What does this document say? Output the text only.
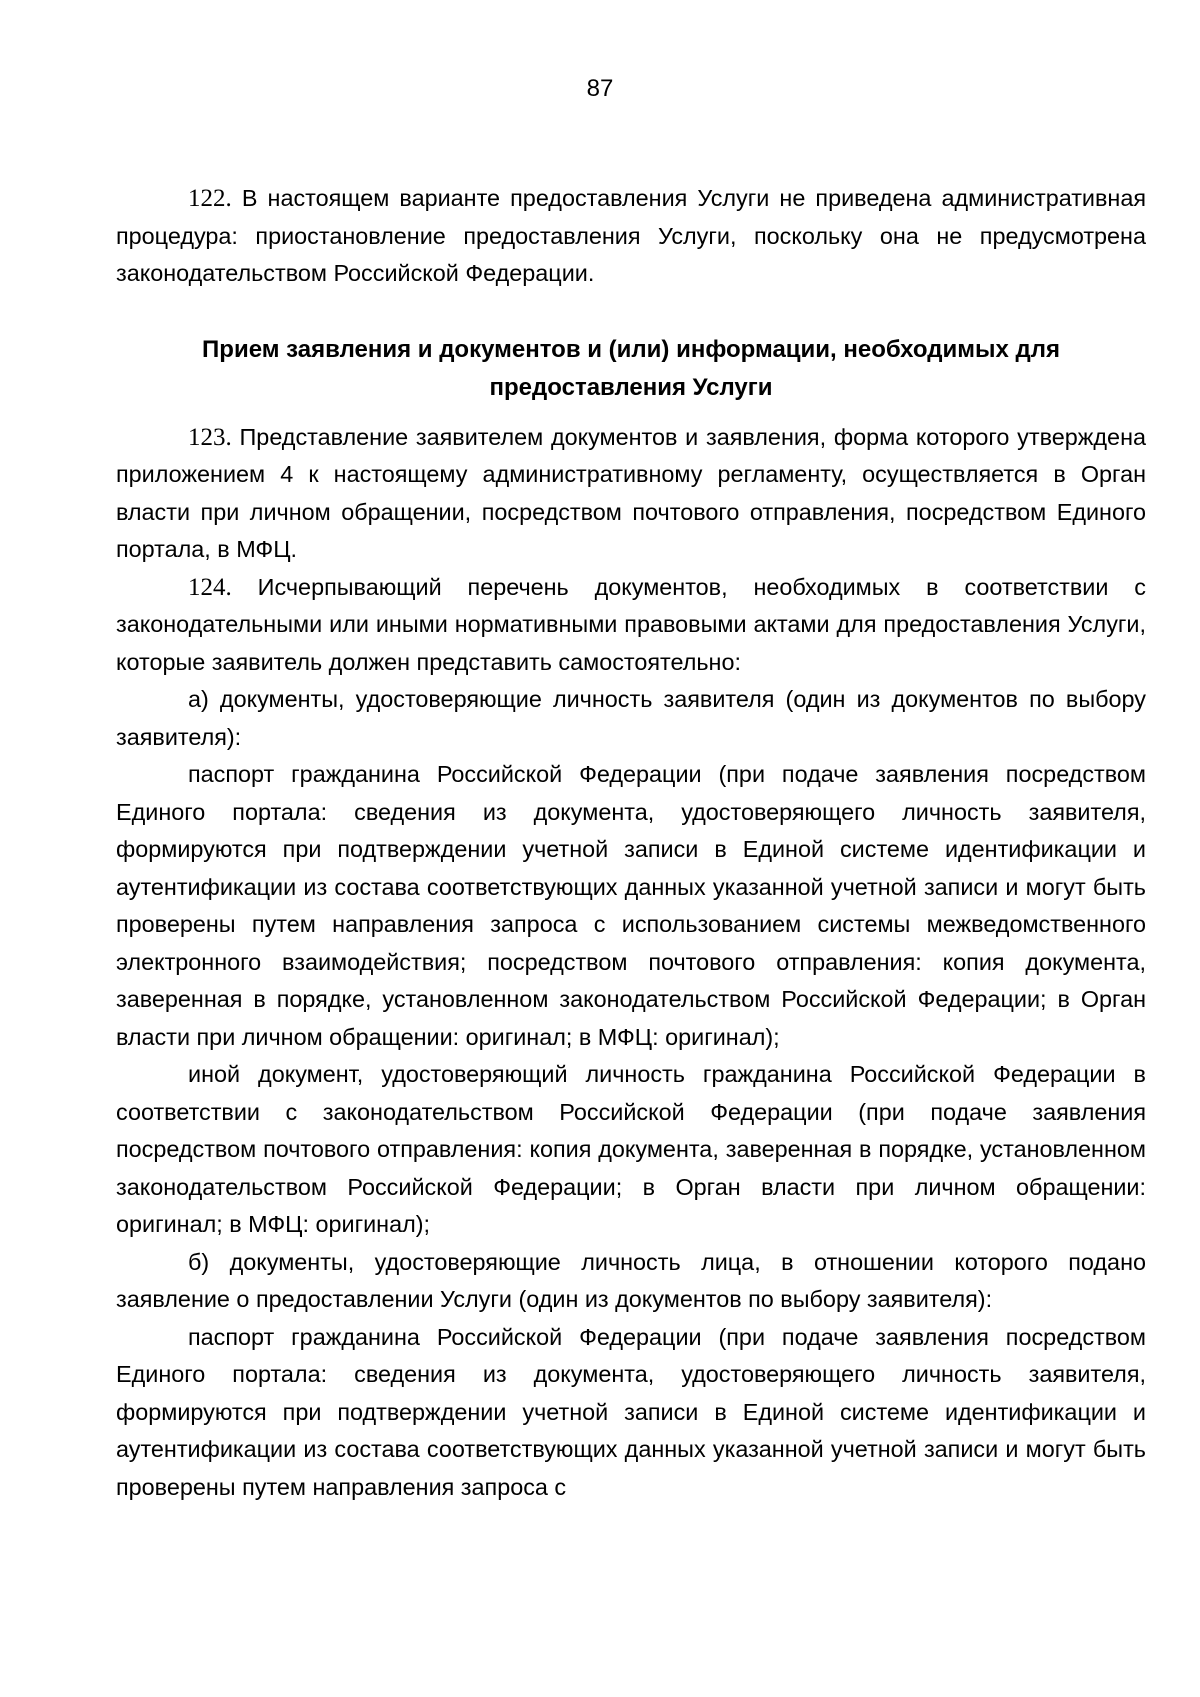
87

122. В настоящем варианте предоставления Услуги не приведена административная процедура: приостановление предоставления Услуги, поскольку она не предусмотрена законодательством Российской Федерации.

Прием заявления и документов и (или) информации, необходимых для предоставления Услуги

123. Представление заявителем документов и заявления, форма которого утверждена приложением 4 к настоящему административному регламенту, осуществляется в Орган власти при личном обращении, посредством почтового отправления, посредством Единого портала, в МФЦ.

124. Исчерпывающий перечень документов, необходимых в соответствии с законодательными или иными нормативными правовыми актами для предоставления Услуги, которые заявитель должен представить самостоятельно:

а) документы, удостоверяющие личность заявителя (один из документов по выбору заявителя):

паспорт гражданина Российской Федерации (при подаче заявления посредством Единого портала: сведения из документа, удостоверяющего личность заявителя, формируются при подтверждении учетной записи в Единой системе идентификации и аутентификации из состава соответствующих данных указанной учетной записи и могут быть проверены путем направления запроса с использованием системы межведомственного электронного взаимодействия; посредством почтового отправления: копия документа, заверенная в порядке, установленном законодательством Российской Федерации; в Орган власти при личном обращении: оригинал; в МФЦ: оригинал);

иной документ, удостоверяющий личность гражданина Российской Федерации в соответствии с законодательством Российской Федерации (при подаче заявления посредством почтового отправления: копия документа, заверенная в порядке, установленном законодательством Российской Федерации; в Орган власти при личном обращении: оригинал; в МФЦ: оригинал);

б) документы, удостоверяющие личность лица, в отношении которого подано заявление о предоставлении Услуги (один из документов по выбору заявителя):

паспорт гражданина Российской Федерации (при подаче заявления посредством Единого портала: сведения из документа, удостоверяющего личность заявителя, формируются при подтверждении учетной записи в Единой системе идентификации и аутентификации из состава соответствующих данных указанной учетной записи и могут быть проверены путем направления запроса с
